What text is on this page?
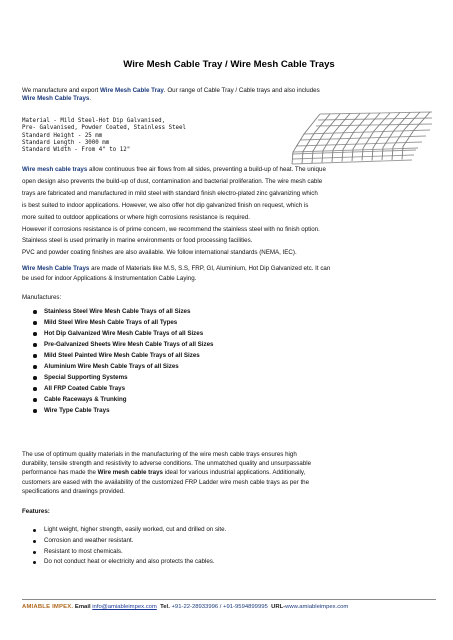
Wire Mesh Cable Tray / Wire Mesh Cable Trays

We manufacture and export Wire Mesh Cable Tray. Our range of Cable Tray / Cable trays and also includes
Wire Mesh Cable Trays.

Material - Mild Steel-Hot Dip Galvanised,
Pre- Galvanised, Powder Coated, Stainless Steel
Standard Height - 25 mm
Standard Length - 3000 mm
Standard Width - From 4" to 12"

Wire mesh cable trays allow continuous free air flows from all sides, preventing a build-up of heat. The unique
open design also prevents the build-up of dust, contamination and bacterial proliferation. The wire mesh cable
trays are fabricated and manufactured in mild steel with standard finish electro-plated zinc galvanizing which
is best suited to indoor applications. However, we also offer hot dip galvanized finish on request, which is
more suited to outdoor applications or where high corrosions resistance is required.
However if corrosions resistance is of prime concern, we recommend the stainless steel with no finish option.
Stainless steel is used primarily in marine environments or food processing facilities.
PVC and powder coating finishes are also available. We follow international standards (NEMA, IEC).

Wire Mesh Cable Trays are made of Materials like M.S, S.S, FRP, GI, Aluminium, Hot Dip Galvanized etc. It can
be used for indoor Applications & Instrumentation Cable Laying.

Manufactures:
Stainless Steel Wire Mesh Cable Trays of all Sizes
Mild Steel Wire Mesh Cable Trays of all Types
Hot Dip Galvanized Wire Mesh Cable Trays of all Sizes
Pre-Galvanized Sheets Wire Mesh Cable Trays of all Sizes
Mild Steel Painted Wire Mesh Cable Trays of all Sizes
Aluminium Wire Mesh Cable Trays of all Sizes
Special Supporting Systems
All FRP Coated Cable Trays
Cable Raceways & Trunking
Wire Type Cable Trays

The use of optimum quality materials in the manufacturing of the wire mesh cable trays ensures high
durability, tensile strength and resistivity to adverse conditions. The unmatched quality and unsurpassable
performance has made the Wire mesh cable trays ideal for various industrial applications. Additionally,
customers are eased with the availability of the customized FRP Ladder wire mesh cable trays as per the
specifications and drawings provided.

Features:
Light weight, higher strength, easily worked, cut and drilled on site.
Corrosion and weather resistant.
Resistant to most chemicals.
Do not conduct heat or electricity and also protects the cables.
AMIABLE IMPEX. Email info@amiableimpex.com Tel. +91-22-28933996 / +91-9594899995 URL-www.amiableimpex.com
